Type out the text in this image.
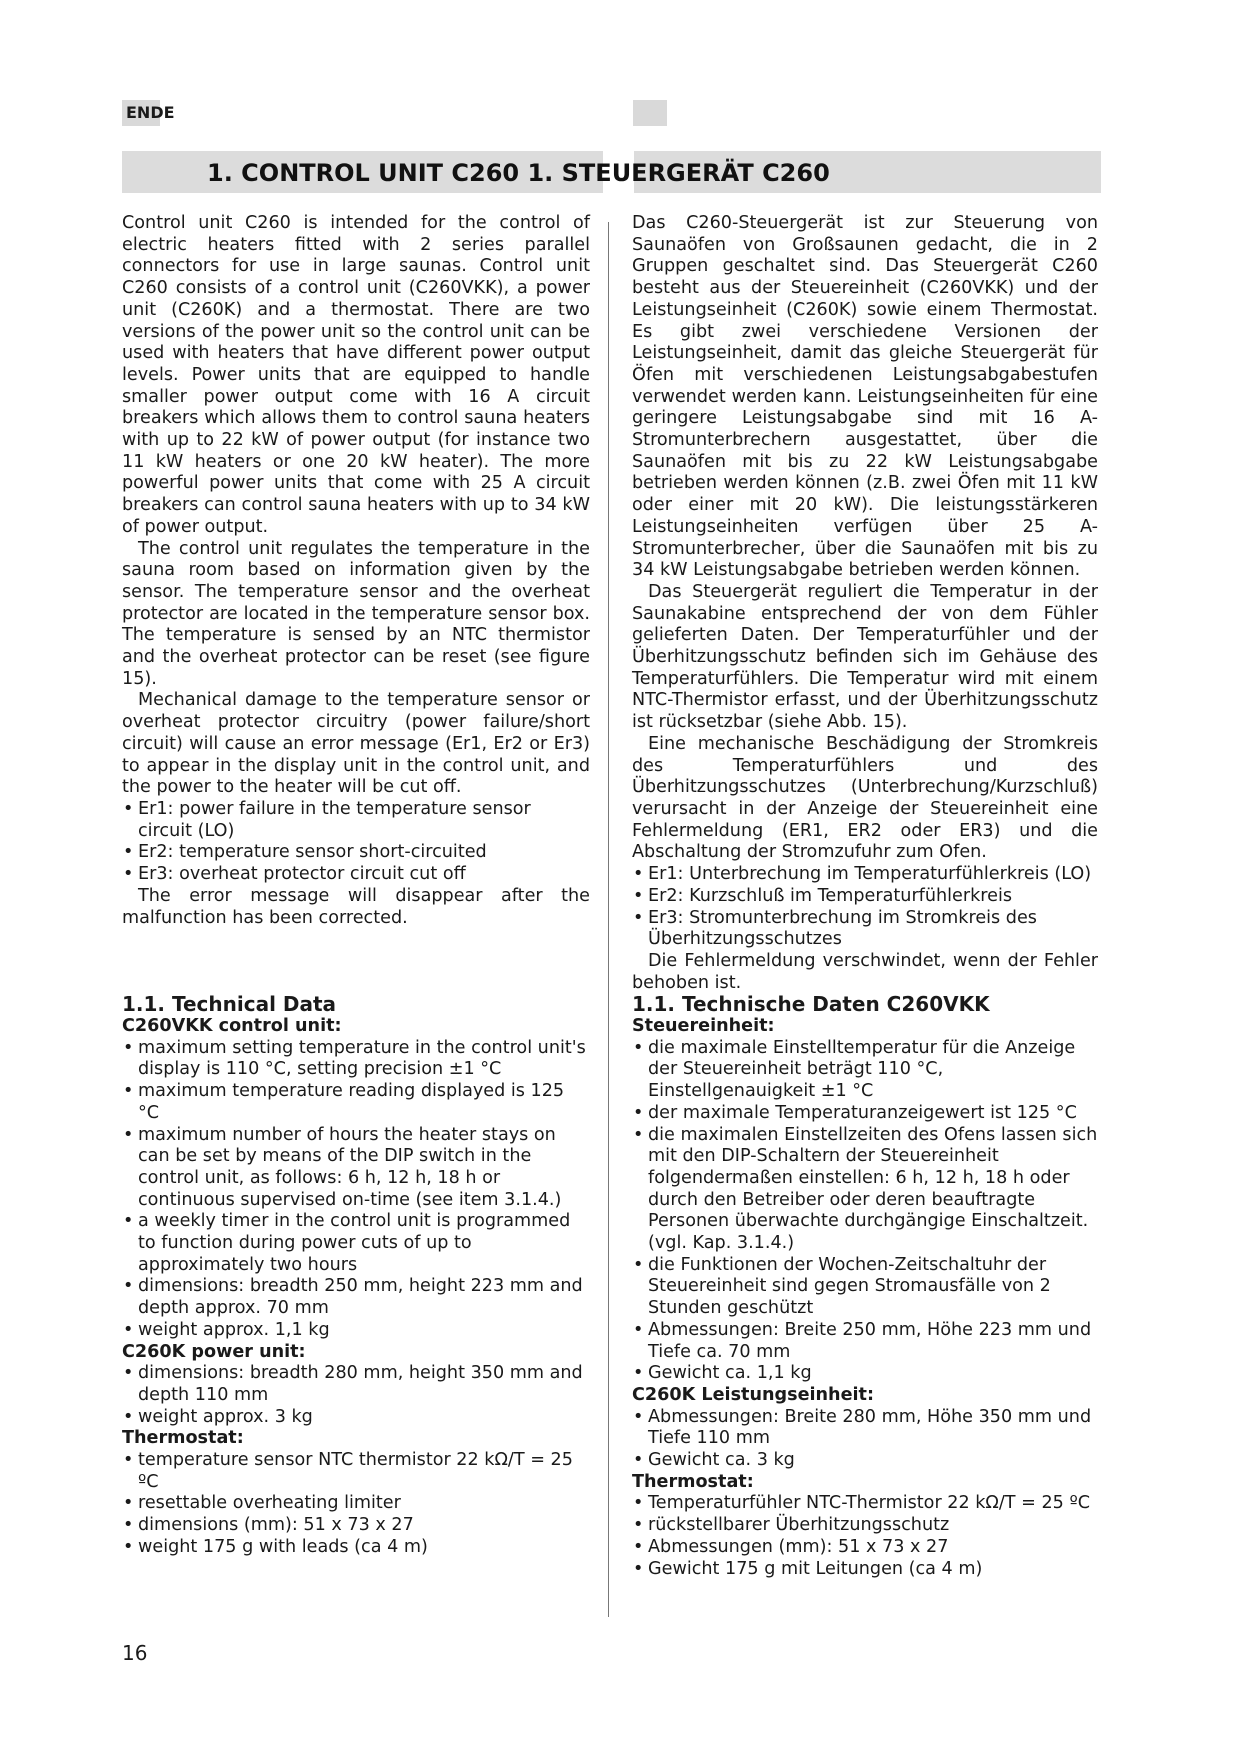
ENDE
1. CONTROL UNIT C260 1. STEUERGERÄT C260

Control unit C260 is intended for the control of electric heaters fitted with 2 series parallel connectors for use in large saunas. Control unit C260 consists of a control unit (C260VKK), a power unit (C260K) and a thermostat. There are two versions of the power unit so the control unit can be used with heaters that have different power output levels. Power units that are equipped to handle smaller power output come with 16 A circuit breakers which allows them to control sauna heaters with up to 22 kW of power output (for instance two 11 kW heaters or one 20 kW heater). The more powerful power units that come with 25 A circuit breakers can control sauna heaters with up to 34 kW of power output.

The control unit regulates the temperature in the sauna room based on information given by the sensor. The temperature sensor and the overheat protector are located in the temperature sensor box. The temperature is sensed by an NTC thermistor and the overheat protector can be reset (see figure 15).

Mechanical damage to the temperature sensor or overheat protector circuitry (power failure/short circuit) will cause an error message (Er1, Er2 or Er3) to appear in the display unit in the control unit, and the power to the heater will be cut off.

• Er1: power failure in the temperature sensor circuit (LO)
• Er2: temperature sensor short-circuited
• Er3: overheat protector circuit cut off

The error message will disappear after the malfunction has been corrected.

Das C260-Steuergerät ist zur Steuerung von Saunaöfen von Großsaunen gedacht, die in 2 Gruppen geschaltet sind. Das Steuergerät C260 besteht aus der Steuereinheit (C260VKK) und der Leistungseinheit (C260K) sowie einem Thermostat. Es gibt zwei verschiedene Versionen der Leistungseinheit, damit das gleiche Steuergerät für Öfen mit verschiedenen Leistungsabgabestufen verwendet werden kann. Leistungseinheiten für eine geringere Leistungsabgabe sind mit 16 A-Stromunterbrechern ausgestattet, über die Saunaöfen mit bis zu 22 kW Leistungsabgabe betrieben werden können (z.B. zwei Öfen mit 11 kW oder einer mit 20 kW). Die leistungsstärkeren Leistungseinheiten verfügen über 25 A-Stromunterbrecher, über die Saunaöfen mit bis zu 34 kW Leistungsabgabe betrieben werden können.

Das Steuergerät reguliert die Temperatur in der Saunakabine entsprechend der von dem Fühler gelieferten Daten. Der Temperaturfühler und der Überhitzungsschutz befinden sich im Gehäuse des Temperaturfühlers. Die Temperatur wird mit einem NTC-Thermistor erfasst, und der Überhitzungsschutz ist rücksetzbar (siehe Abb. 15).

Eine mechanische Beschädigung der Stromkreis des Temperaturfühlers und des Überhitzungsschutzes (Unterbrechung/Kurzschluß) verursacht in der Anzeige der Steuereinheit eine Fehlermeldung (ER1, ER2 oder ER3) und die Abschaltung der Stromzufuhr zum Ofen.

• Er1: Unterbrechung im Temperaturfühlerkreis (LO)
• Er2: Kurzschluß im Temperaturfühlerkreis
• Er3: Stromunterbrechung im Stromkreis des Überhitzungsschutzes

Die Fehlermeldung verschwindet, wenn der Fehler behoben ist.

1.1. Technical Data

C260VKK control unit:

• maximum setting temperature in the control unit's display is 110 °C, setting precision ±1 °C
• maximum temperature reading displayed is 125 °C
• maximum number of hours the heater stays on can be set by means of the DIP switch in the control unit, as follows: 6 h, 12 h, 18 h or continuous supervised on-time (see item 3.1.4.)
• a weekly timer in the control unit is programmed to function during power cuts of up to approximately two hours
• dimensions: breadth 250 mm, height 223 mm and depth approx. 70 mm
• weight approx. 1,1 kg

C260K power unit:

• dimensions: breadth 280 mm, height 350 mm and depth 110 mm
• weight approx. 3 kg

Thermostat:

• temperature sensor NTC thermistor 22 kΩ/T = 25 ºC
• resettable overheating limiter
• dimensions (mm): 51 x 73 x 27
• weight 175 g with leads (ca 4 m)
1.1. Technische Daten C260VKK

Steuereinheit:

• die maximale Einstelltemperatur für die Anzeige der Steuereinheit beträgt 110 °C, Einstellgenauigkeit ±1 °C
• der maximale Temperaturanzeigewert ist 125 °C
• die maximalen Einstellzeiten des Ofens lassen sich mit den DIP-Schaltern der Steuereinheit folgendermaßen einstellen: 6 h, 12 h, 18 h oder durch den Betreiber oder deren beauftragte Personen überwachte durchgängige Einschaltzeit. (vgl. Kap. 3.1.4.)
• die Funktionen der Wochen-Zeitschaltuhr der Steuereinheit sind gegen Stromausfälle von 2 Stunden geschützt
• Abmessungen: Breite 250 mm, Höhe 223 mm und Tiefe ca. 70 mm
• Gewicht ca. 1,1 kg

C260K Leistungseinheit:

• Abmessungen: Breite 280 mm, Höhe 350 mm und Tiefe 110 mm
• Gewicht ca. 3 kg

Thermostat:

• Temperaturfühler NTC-Thermistor 22 kΩ/T = 25 ºC
• rückstellbarer Überhitzungsschutz
• Abmessungen (mm): 51 x 73 x 27
• Gewicht 175 g mit Leitungen (ca 4 m)
16
